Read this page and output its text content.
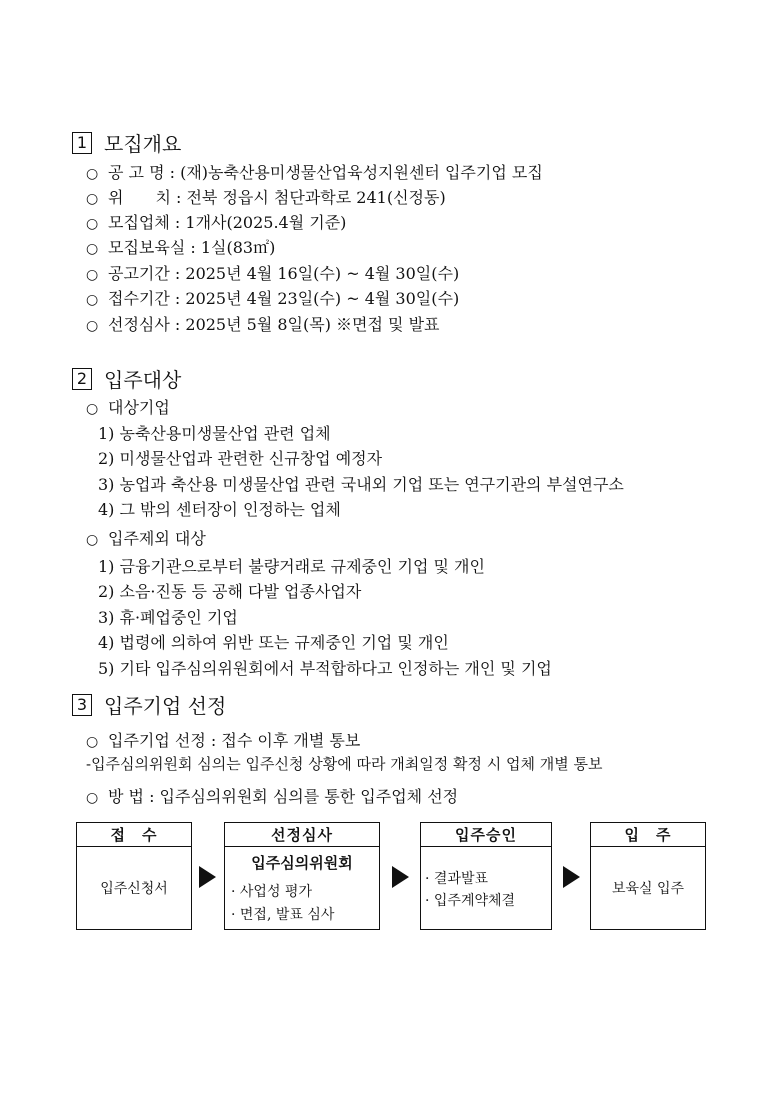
1 모집개요
○ 공 고 명 : (재)농축산용미생물산업육성지원센터 입주기업 모집
○ 위　　치 : 전북 정읍시 첨단과학로 241(신정동)
○ 모집업체 : 1개사(2025.4월 기준)
○ 모집보육실 : 1실(83㎡)
○ 공고기간 : 2025년 4월 16일(수) ~ 4월 30일(수)
○ 접수기간 : 2025년 4월 23일(수) ~ 4월 30일(수)
○ 선정심사 : 2025년 5월 8일(목) ※면접 및 발표
2 입주대상
○ 대상기업
1) 농축산용미생물산업 관련 업체
2) 미생물산업과 관련한 신규창업 예정자
3) 농업과 축산용 미생물산업 관련 국내외 기업 또는 연구기관의 부설연구소
4) 그 밖의 센터장이 인정하는 업체
○ 입주제외 대상
1) 금융기관으로부터 불량거래로 규제중인 기업 및 개인
2) 소음·진동 등 공해 다발 업종사업자
3) 휴·폐업중인 기업
4) 법령에 의하여 위반 또는 규제중인 기업 및 개인
5) 기타 입주심의위원회에서 부적합하다고 인정하는 개인 및 기업
3 입주기업 선정
○ 입주기업 선정 : 접수 이후 개별 통보
-입주심의위원회 심의는 입주신청 상황에 따라 개최일정 확정 시 업체 개별 통보
○ 방 법 : 입주심의위원회 심의를 통한 입주업체 선정
접　수
입주신청서
선정심사
입주심의위원회
· 사업성 평가
· 면접, 발표 심사
입주승인
· 결과발표
· 입주계약체결
입　주
보육실 입주
